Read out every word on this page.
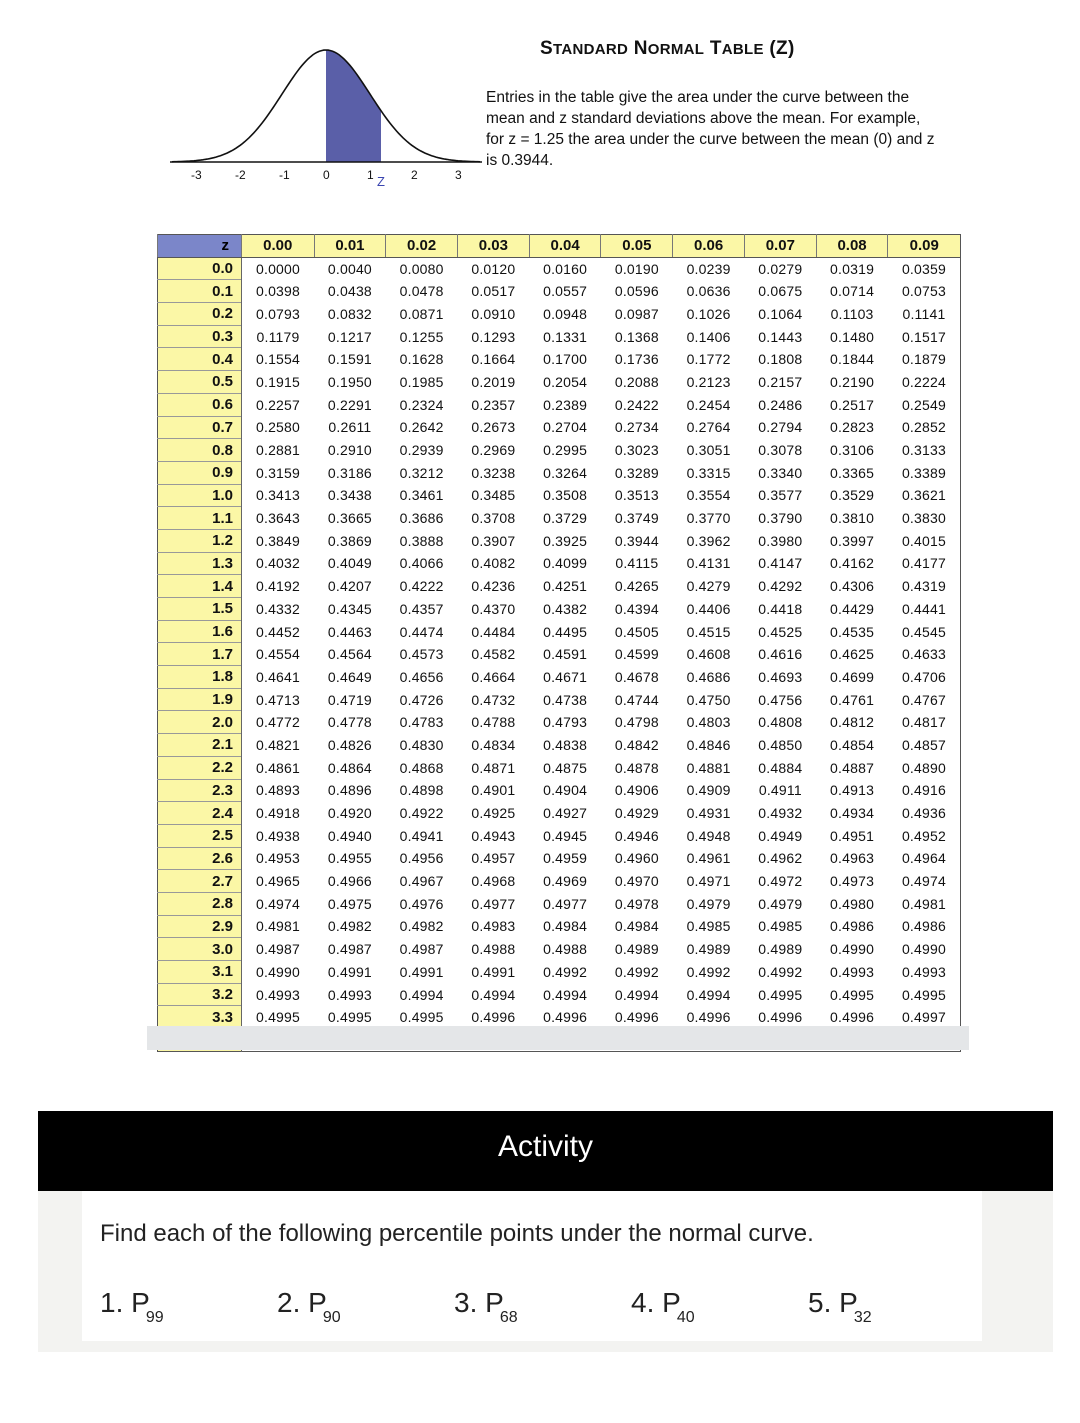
-3	-2	-1	0	1	2	3
Z
STANDARD NORMAL TABLE (Z)
Entries in the table give the area under the curve between the mean and z standard deviations above the mean. For example, for z = 1.25 the area under the curve between the mean (0) and z is 0.3944.
z	0.00	0.01	0.02	0.03	0.04	0.05	0.06	0.07	0.08	0.09
0.0	0.0000	0.0040	0.0080	0.0120	0.0160	0.0190	0.0239	0.0279	0.0319	0.0359
0.1	0.0398	0.0438	0.0478	0.0517	0.0557	0.0596	0.0636	0.0675	0.0714	0.0753
0.2	0.0793	0.0832	0.0871	0.0910	0.0948	0.0987	0.1026	0.1064	0.1103	0.1141
0.3	0.1179	0.1217	0.1255	0.1293	0.1331	0.1368	0.1406	0.1443	0.1480	0.1517
0.4	0.1554	0.1591	0.1628	0.1664	0.1700	0.1736	0.1772	0.1808	0.1844	0.1879
0.5	0.1915	0.1950	0.1985	0.2019	0.2054	0.2088	0.2123	0.2157	0.2190	0.2224
0.6	0.2257	0.2291	0.2324	0.2357	0.2389	0.2422	0.2454	0.2486	0.2517	0.2549
0.7	0.2580	0.2611	0.2642	0.2673	0.2704	0.2734	0.2764	0.2794	0.2823	0.2852
0.8	0.2881	0.2910	0.2939	0.2969	0.2995	0.3023	0.3051	0.3078	0.3106	0.3133
0.9	0.3159	0.3186	0.3212	0.3238	0.3264	0.3289	0.3315	0.3340	0.3365	0.3389
1.0	0.3413	0.3438	0.3461	0.3485	0.3508	0.3513	0.3554	0.3577	0.3529	0.3621
1.1	0.3643	0.3665	0.3686	0.3708	0.3729	0.3749	0.3770	0.3790	0.3810	0.3830
1.2	0.3849	0.3869	0.3888	0.3907	0.3925	0.3944	0.3962	0.3980	0.3997	0.4015
1.3	0.4032	0.4049	0.4066	0.4082	0.4099	0.4115	0.4131	0.4147	0.4162	0.4177
1.4	0.4192	0.4207	0.4222	0.4236	0.4251	0.4265	0.4279	0.4292	0.4306	0.4319
1.5	0.4332	0.4345	0.4357	0.4370	0.4382	0.4394	0.4406	0.4418	0.4429	0.4441
1.6	0.4452	0.4463	0.4474	0.4484	0.4495	0.4505	0.4515	0.4525	0.4535	0.4545
1.7	0.4554	0.4564	0.4573	0.4582	0.4591	0.4599	0.4608	0.4616	0.4625	0.4633
1.8	0.4641	0.4649	0.4656	0.4664	0.4671	0.4678	0.4686	0.4693	0.4699	0.4706
1.9	0.4713	0.4719	0.4726	0.4732	0.4738	0.4744	0.4750	0.4756	0.4761	0.4767
2.0	0.4772	0.4778	0.4783	0.4788	0.4793	0.4798	0.4803	0.4808	0.4812	0.4817
2.1	0.4821	0.4826	0.4830	0.4834	0.4838	0.4842	0.4846	0.4850	0.4854	0.4857
2.2	0.4861	0.4864	0.4868	0.4871	0.4875	0.4878	0.4881	0.4884	0.4887	0.4890
2.3	0.4893	0.4896	0.4898	0.4901	0.4904	0.4906	0.4909	0.4911	0.4913	0.4916
2.4	0.4918	0.4920	0.4922	0.4925	0.4927	0.4929	0.4931	0.4932	0.4934	0.4936
2.5	0.4938	0.4940	0.4941	0.4943	0.4945	0.4946	0.4948	0.4949	0.4951	0.4952
2.6	0.4953	0.4955	0.4956	0.4957	0.4959	0.4960	0.4961	0.4962	0.4963	0.4964
2.7	0.4965	0.4966	0.4967	0.4968	0.4969	0.4970	0.4971	0.4972	0.4973	0.4974
2.8	0.4974	0.4975	0.4976	0.4977	0.4977	0.4978	0.4979	0.4979	0.4980	0.4981
2.9	0.4981	0.4982	0.4982	0.4983	0.4984	0.4984	0.4985	0.4985	0.4986	0.4986
3.0	0.4987	0.4987	0.4987	0.4988	0.4988	0.4989	0.4989	0.4989	0.4990	0.4990
3.1	0.4990	0.4991	0.4991	0.4991	0.4992	0.4992	0.4992	0.4992	0.4993	0.4993
3.2	0.4993	0.4993	0.4994	0.4994	0.4994	0.4994	0.4994	0.4995	0.4995	0.4995
3.3	0.4995	0.4995	0.4995	0.4996	0.4996	0.4996	0.4996	0.4996	0.4996	0.4997

Activity
Find each of the following percentile points under the normal curve.
1. $P_{99}$	2. $P_{90}$	3. $P_{68}$	4. $P_{40}$	5. $P_{32}$
